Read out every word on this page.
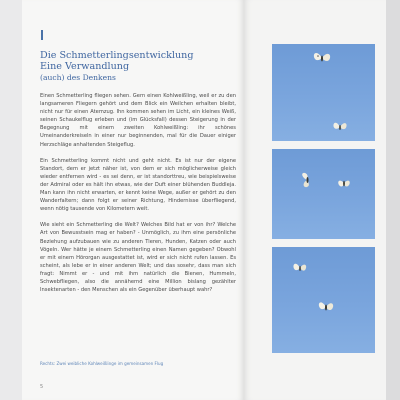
Die Schmetterlingsentwicklung
Eine Verwandlung
(auch) des Denkens

Einen Schmetterling fliegen sehen. Gern einen Kohlweißling, weil er zu den langsameren Fliegern gehört und dem Blick ein Weilchen erhalten bleibt, nicht nur für einen Atemzug. Ihn kommen sehen im Licht, ein kleines Weiß, seinen Schaukelflug erleben und (im Glücksfall) dessen Steigerung in der Begegnung mit einem zweiten Kohlweißling: ihr schönes Umeinanderkreiseln in einer nur beginnenden, mal für die Dauer einiger Herzschläge anhaltenden Steigeflug.

Ein Schmetterling kommt nicht und geht nicht. Es ist nur der eigene Standort, dem er jetzt näher ist, von dem er sich möglicherweise gleich wieder entfernen wird - es sei denn, er ist standorttreu, wie beispielsweise der Admiral oder es hält ihn etwas, wie der Duft einer blühenden Buddleja. Man kann ihn nicht erwarten, er kennt keine Wege, außer er gehört zu den Wanderfaltern; dann folgt er seiner Richtung, Hindernisse überfliegend, wenn nötig tausende von Kilometern weit.

Wie sieht ein Schmetterling die Welt? Welches Bild hat er von ihr? Welche Art von Bewusstsein mag er haben? - Unmöglich, zu ihm eine persönliche Beziehung aufzubauen wie zu anderen Tieren, Hunden, Katzen oder auch Vögeln. Wer hätte je einem Schmetterling einen Namen gegeben? Obwohl er mit einem Hörorgan ausgestattet ist, wird er sich nicht rufen lassen. Es scheint, als lebe er in einer anderen Welt; und das sosehr, dass man sich fragt: Nimmt er - und mit ihm natürlich die Bienen, Hummeln, Schwebfliegen, also die annähernd eine Million bislang gezählter Insektenarten - den Menschen als ein Gegenüber überhaupt wahr?

Rechts: Zwei weibliche Kohlweißlinge im gemeinsamen Flug
5
